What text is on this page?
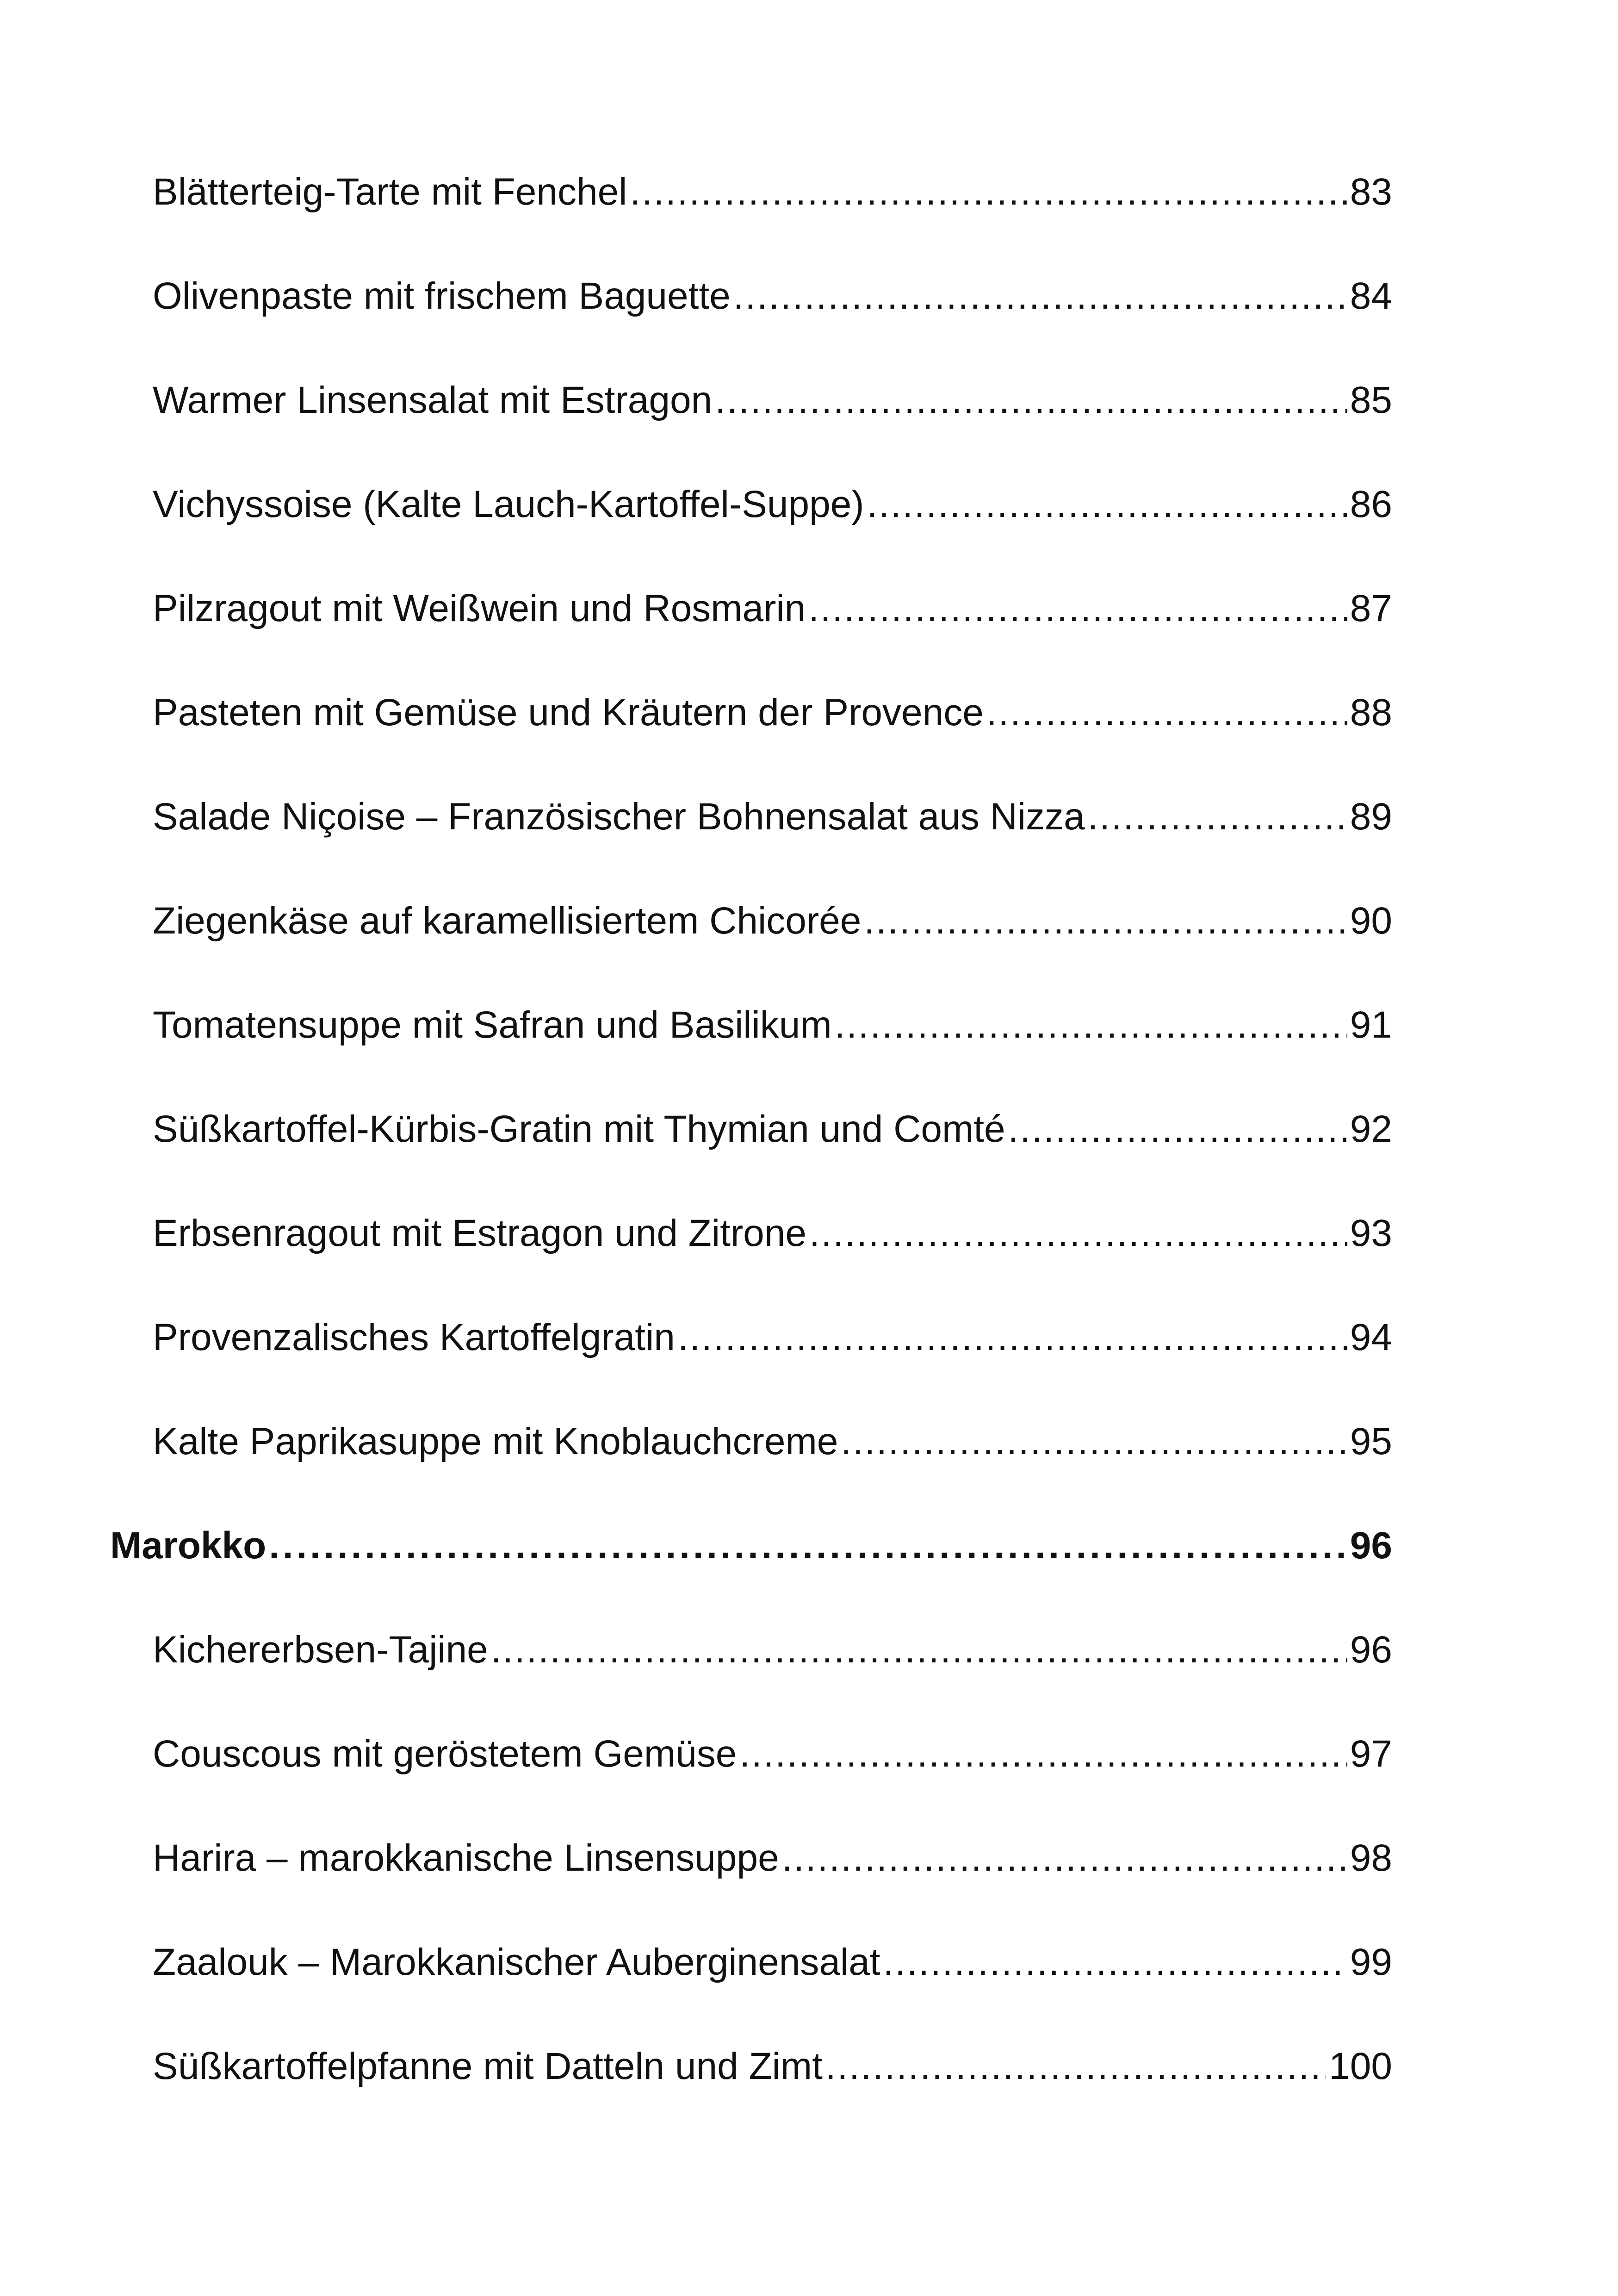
Blätterteig-Tarte mit Fenchel . . .	83
Olivenpaste mit frischem Baguette . . .	84
Warmer Linsensalat mit Estragon . . .	85
Vichyssoise (Kalte Lauch-Kartoffel-Suppe) . . .	86
Pilzragout mit Weißwein und Rosmarin . . .	87
Pasteten mit Gemüse und Kräutern der Provence . . .	88
Salade Niçoise – Französischer Bohnensalat aus Nizza . . .	89
Ziegenkäse auf karamellisiertem Chicorée . . .	90
Tomatensuppe mit Safran und Basilikum . . .	91
Süßkartoffel-Kürbis-Gratin mit Thymian und Comté . . .	92
Erbsenragout mit Estragon und Zitrone . . .	93
Provenzalisches Kartoffelgratin . . .	94
Kalte Paprikasuppe mit Knoblauchcreme . . .	95
Marokko . . .	96
Kichererbsen-Tajine . . .	96
Couscous mit geröstetem Gemüse . . .	97
Harira – marokkanische Linsensuppe . . .	98
Zaalouk – Marokkanischer Auberginensalat . . .	99
Süßkartoffelpfanne mit Datteln und Zimt . . .	100
